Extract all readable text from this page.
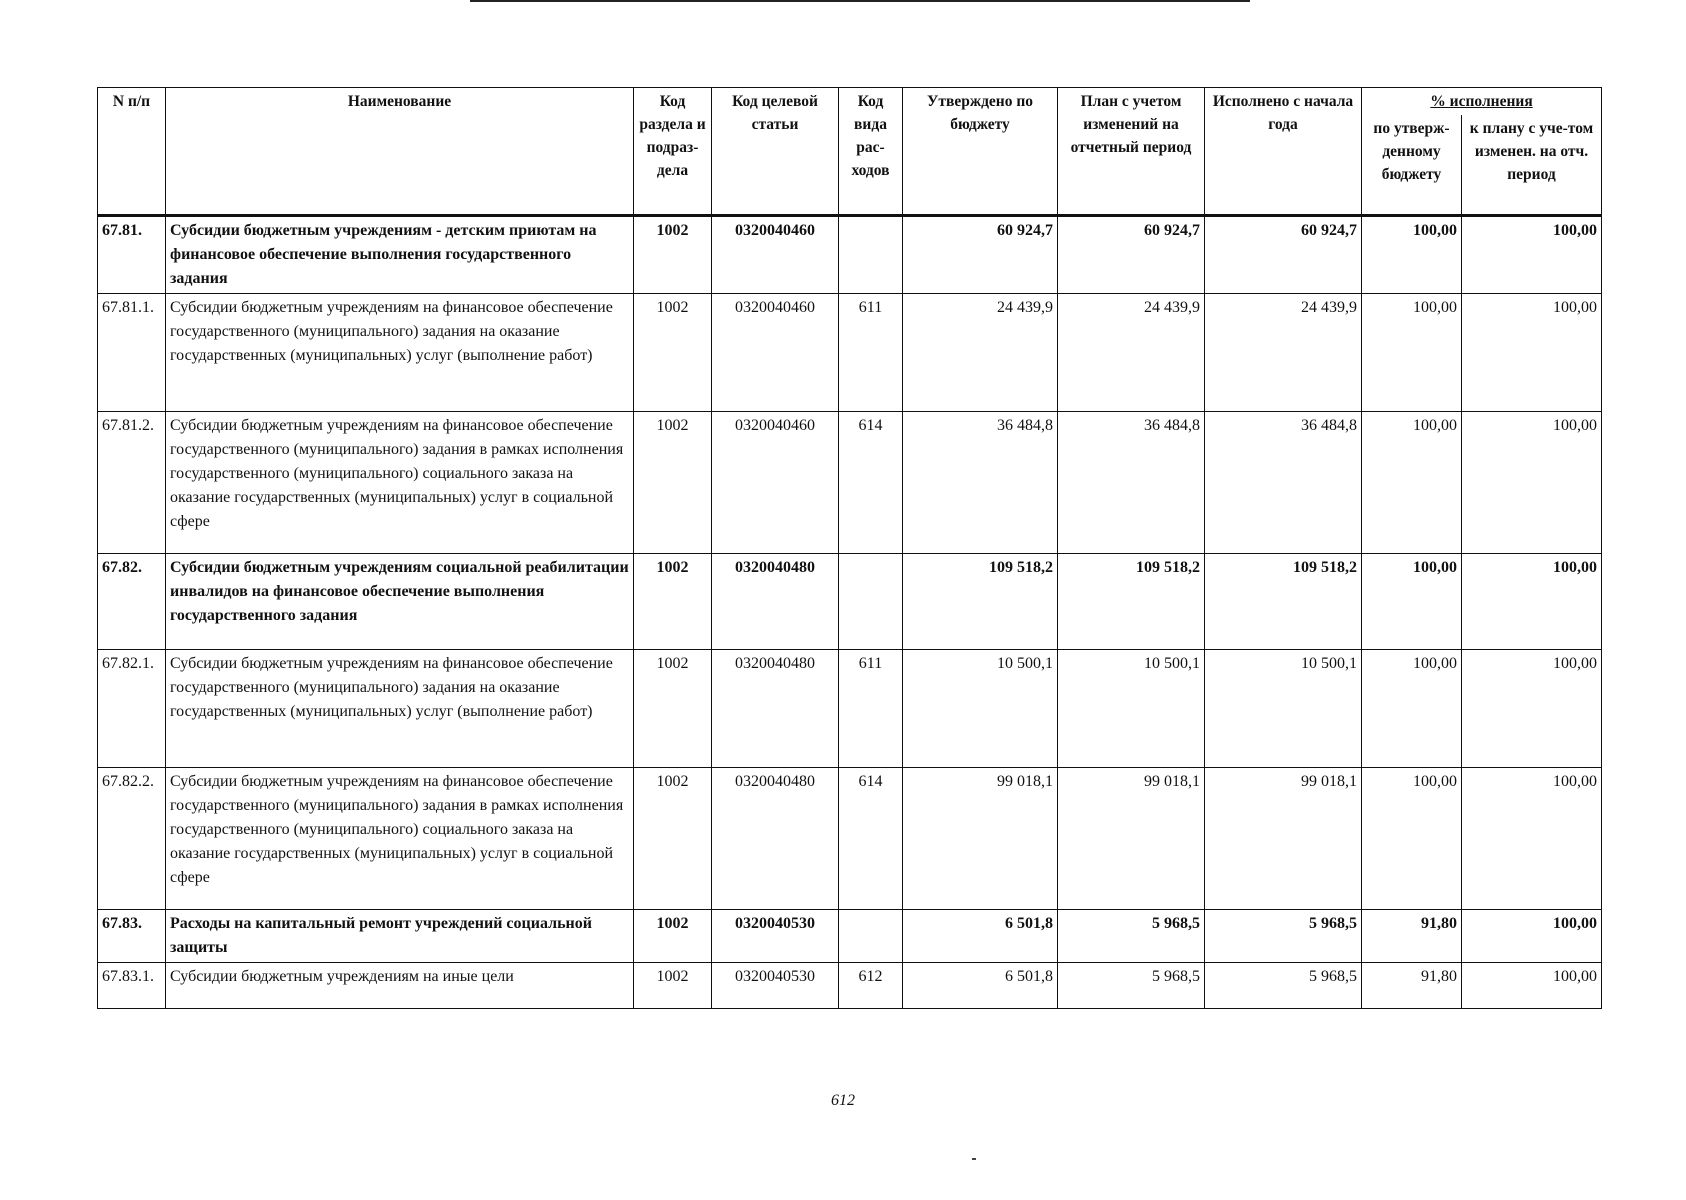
N п/п	Наименование	Код раздела и подраз-дела	Код целевой статьи	Код вида рас-ходов	Утверждено по бюджету	План с учетом изменений на отчетный период	Исполнено с начала года	% исполнения	
								по утверж-денному бюджету	к плану с уче-том изменен. на отч. период
67.81.	Субсидии бюджетным учреждениям - детским приютам на финансовое обеспечение выполнения государственного задания	1002	0320040460		60 924,7	60 924,7	60 924,7	100,00	100,00
67.81.1.	Субсидии бюджетным учреждениям на финансовое обеспечение государственного (муниципального) задания на оказание государственных (муниципальных) услуг (выполнение работ)	1002	0320040460	611	24 439,9	24 439,9	24 439,9	100,00	100,00
67.81.2.	Субсидии бюджетным учреждениям на финансовое обеспечение государственного (муниципального) задания в рамках исполнения государственного (муниципального) социального заказа на оказание государственных (муниципальных) услуг в социальной сфере	1002	0320040460	614	36 484,8	36 484,8	36 484,8	100,00	100,00
67.82.	Субсидии бюджетным учреждениям социальной реабилитации инвалидов на финансовое обеспечение выполнения государственного задания	1002	0320040480		109 518,2	109 518,2	109 518,2	100,00	100,00
67.82.1.	Субсидии бюджетным учреждениям на финансовое обеспечение государственного (муниципального) задания на оказание государственных (муниципальных) услуг (выполнение работ)	1002	0320040480	611	10 500,1	10 500,1	10 500,1	100,00	100,00
67.82.2.	Субсидии бюджетным учреждениям на финансовое обеспечение государственного (муниципального) задания в рамках исполнения государственного (муниципального) социального заказа на оказание государственных (муниципальных) услуг в социальной сфере	1002	0320040480	614	99 018,1	99 018,1	99 018,1	100,00	100,00
67.83.	Расходы на капитальный ремонт учреждений социальной защиты	1002	0320040530		6 501,8	5 968,5	5 968,5	91,80	100,00
67.83.1.	Субсидии бюджетным учреждениям на иные цели	1002	0320040530	612	6 501,8	5 968,5	5 968,5	91,80	100,00
612
